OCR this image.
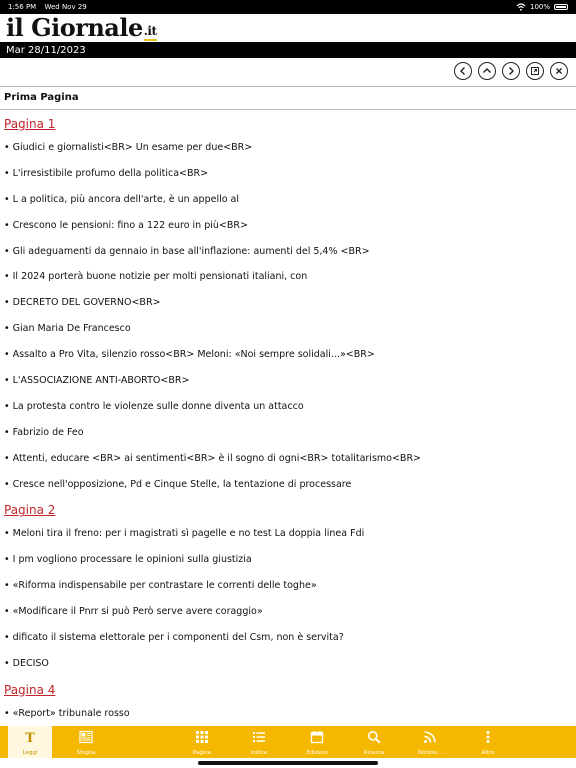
1:56 PM Wed Nov 29	100%
il Giornale .it
Mar 28/11/2023
Prima Pagina
Pagina 1
• Giudici e giornalisti<BR> Un esame per due<BR>
• L'irresistibile profumo della politica<BR>
• L a politica, più ancora dell'arte, è un appello al
• Crescono le pensioni: fino a 122 euro in più<BR>
• Gli adeguamenti da gennaio in base all'inflazione: aumenti del 5,4% <BR>
• Il 2024 porterà buone notizie per molti pensionati italiani, con
• DECRETO DEL GOVERNO<BR>
• Gian Maria De Francesco
• Assalto a Pro Vita, silenzio rosso<BR> Meloni: «Noi sempre solidali...»<BR>
• L'ASSOCIAZIONE ANTI-ABORTO<BR>
• La protesta contro le violenze sulle donne diventa un attacco
• Fabrizio de Feo
• Attenti, educare <BR> ai sentimenti<BR> è il sogno di ogni<BR> totalitarismo<BR>
• Cresce nell'opposizione, Pd e Cinque Stelle, la tentazione di processare
Pagina 2
• Meloni tira il freno: per i magistrati sì pagelle e no test La doppia linea Fdi
• I pm vogliono processare le opinioni sulla giustizia
• «Riforma indispensabile per contrastare le correnti delle toghe»
• «Modificare il Pnrr si può Però serve avere coraggio»
• dificato il sistema elettorale per i componenti del Csm, non è servita?
• DECISO
Pagina 4
• «Report» tribunale rosso
T
Leggi	Sfoglia	Pagine	Indice	Edizioni	Ricerca	Notizie...	Altro
